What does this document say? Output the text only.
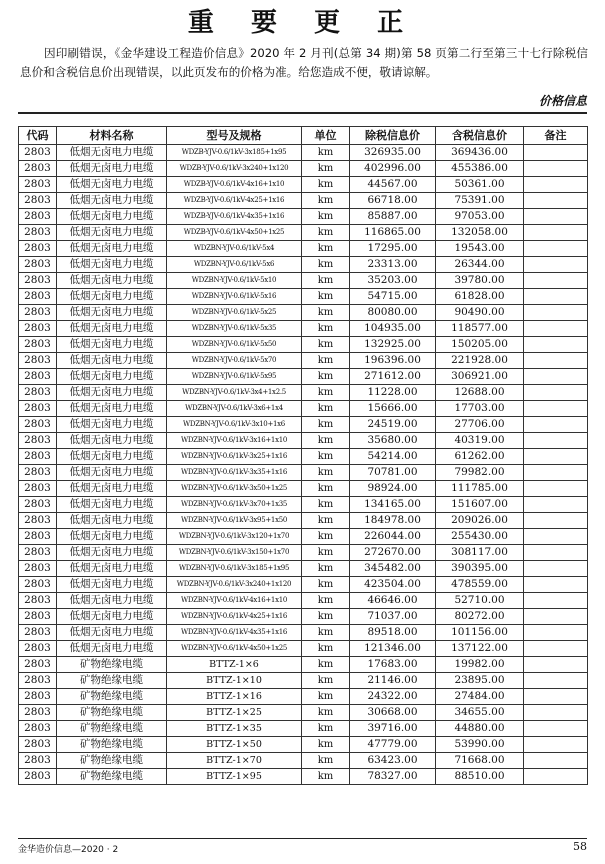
重 要 更 正
因印刷错误，《金华建设工程造价信息》2020 年 2 月刊(总第 34 期)第 58 页第二行至第三十七行除税信息价和含税信息价出现错误，以此页发布的价格为准。给您造成不便，敬请谅解。
价格信息
代码	材料名称	型号及规格	单位	除税信息价	含税信息价	备注
2803	低烟无卤电力电缆	WDZB-YJV-0.6/1kV-3x185+1x95	km	326935.00	369436.00	
2803	低烟无卤电力电缆	WDZB-YJV-0.6/1kV-3x240+1x120	km	402996.00	455386.00	
2803	低烟无卤电力电缆	WDZB-YJV-0.6/1kV-4x16+1x10	km	44567.00	50361.00	
2803	低烟无卤电力电缆	WDZB-YJV-0.6/1kV-4x25+1x16	km	66718.00	75391.00	
2803	低烟无卤电力电缆	WDZB-YJV-0.6/1kV-4x35+1x16	km	85887.00	97053.00	
2803	低烟无卤电力电缆	WDZB-YJV-0.6/1kV-4x50+1x25	km	116865.00	132058.00	
2803	低烟无卤电力电缆	WDZBN-YJV-0.6/1kV-5x4	km	17295.00	19543.00	
2803	低烟无卤电力电缆	WDZBN-YJV-0.6/1kV-5x6	km	23313.00	26344.00	
2803	低烟无卤电力电缆	WDZBN-YJV-0.6/1kV-5x10	km	35203.00	39780.00	
2803	低烟无卤电力电缆	WDZBN-YJV-0.6/1kV-5x16	km	54715.00	61828.00	
2803	低烟无卤电力电缆	WDZBN-YJV-0.6/1kV-5x25	km	80080.00	90490.00	
2803	低烟无卤电力电缆	WDZBN-YJV-0.6/1kV-5x35	km	104935.00	118577.00	
2803	低烟无卤电力电缆	WDZBN-YJV-0.6/1kV-5x50	km	132925.00	150205.00	
2803	低烟无卤电力电缆	WDZBN-YJV-0.6/1kV-5x70	km	196396.00	221928.00	
2803	低烟无卤电力电缆	WDZBN-YJV-0.6/1kV-5x95	km	271612.00	306921.00	
2803	低烟无卤电力电缆	WDZBN-YJV-0.6/1kV-3x4+1x2.5	km	11228.00	12688.00	
2803	低烟无卤电力电缆	WDZBN-YJV-0.6/1kV-3x6+1x4	km	15666.00	17703.00	
2803	低烟无卤电力电缆	WDZBN-YJV-0.6/1kV-3x10+1x6	km	24519.00	27706.00	
2803	低烟无卤电力电缆	WDZBN-YJV-0.6/1kV-3x16+1x10	km	35680.00	40319.00	
2803	低烟无卤电力电缆	WDZBN-YJV-0.6/1kV-3x25+1x16	km	54214.00	61262.00	
2803	低烟无卤电力电缆	WDZBN-YJV-0.6/1kV-3x35+1x16	km	70781.00	79982.00	
2803	低烟无卤电力电缆	WDZBN-YJV-0.6/1kV-3x50+1x25	km	98924.00	111785.00	
2803	低烟无卤电力电缆	WDZBN-YJV-0.6/1kV-3x70+1x35	km	134165.00	151607.00	
2803	低烟无卤电力电缆	WDZBN-YJV-0.6/1kV-3x95+1x50	km	184978.00	209026.00	
2803	低烟无卤电力电缆	WDZBN-YJV-0.6/1kV-3x120+1x70	km	226044.00	255430.00	
2803	低烟无卤电力电缆	WDZBN-YJV-0.6/1kV-3x150+1x70	km	272670.00	308117.00	
2803	低烟无卤电力电缆	WDZBN-YJV-0.6/1kV-3x185+1x95	km	345482.00	390395.00	
2803	低烟无卤电力电缆	WDZBN-YJV-0.6/1kV-3x240+1x120	km	423504.00	478559.00	
2803	低烟无卤电力电缆	WDZBN-YJV-0.6/1kV-4x16+1x10	km	46646.00	52710.00	
2803	低烟无卤电力电缆	WDZBN-YJV-0.6/1kV-4x25+1x16	km	71037.00	80272.00	
2803	低烟无卤电力电缆	WDZBN-YJV-0.6/1kV-4x35+1x16	km	89518.00	101156.00	
2803	低烟无卤电力电缆	WDZBN-YJV-0.6/1kV-4x50+1x25	km	121346.00	137122.00	
2803	矿物绝缘电缆	BTTZ-1×6	km	17683.00	19982.00	
2803	矿物绝缘电缆	BTTZ-1×10	km	21146.00	23895.00	
2803	矿物绝缘电缆	BTTZ-1×16	km	24322.00	27484.00	
2803	矿物绝缘电缆	BTTZ-1×25	km	30668.00	34655.00	
2803	矿物绝缘电缆	BTTZ-1×35	km	39716.00	44880.00	
2803	矿物绝缘电缆	BTTZ-1×50	km	47779.00	53990.00	
2803	矿物绝缘电缆	BTTZ-1×70	km	63423.00	71668.00	
2803	矿物绝缘电缆	BTTZ-1×95	km	78327.00	88510.00	
金华造价信息—2020 · 2	58
